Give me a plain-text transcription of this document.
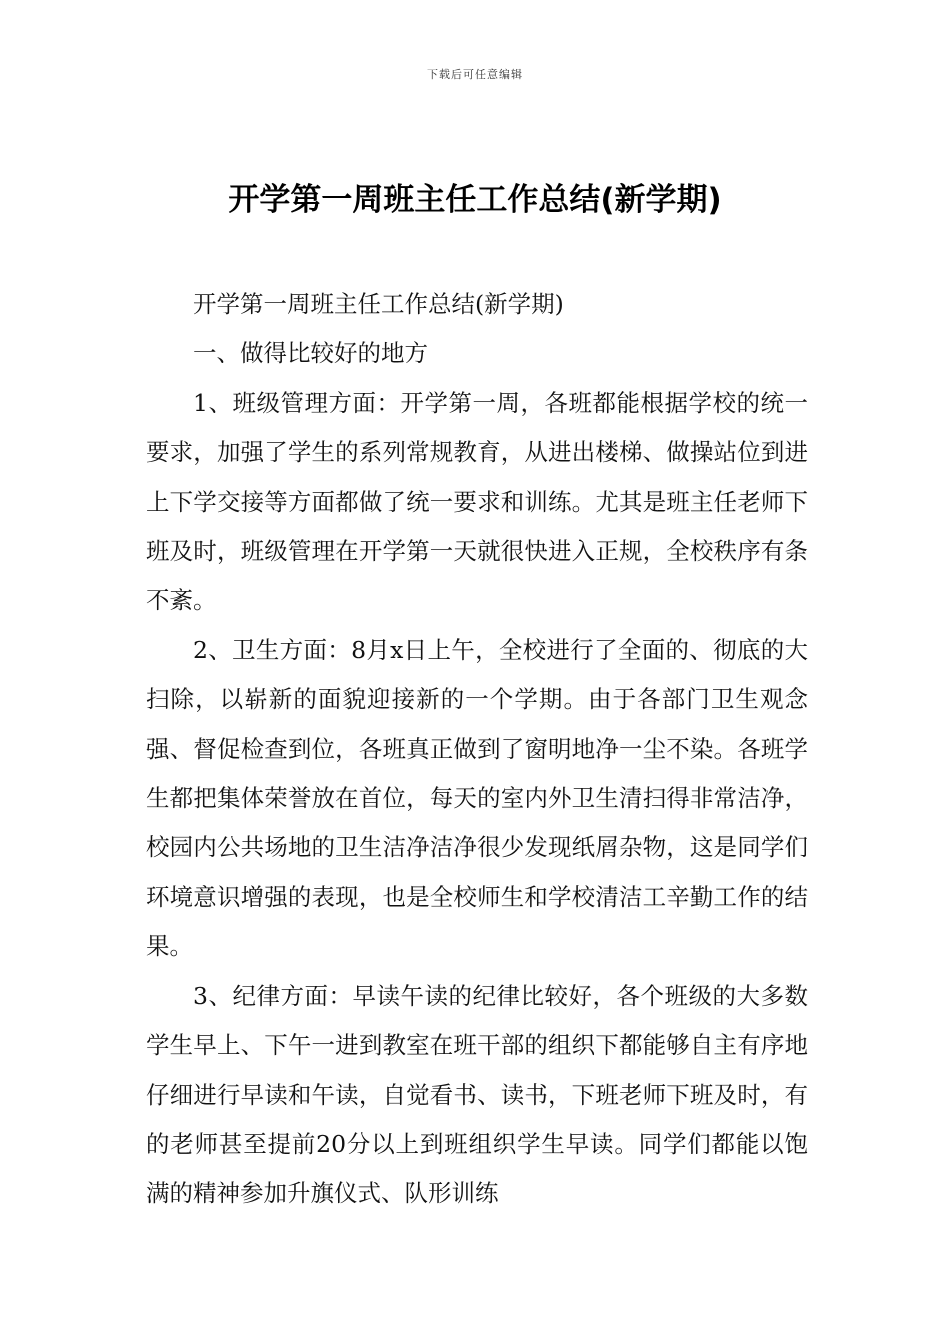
下载后可任意编辑
开学第一周班主任工作总结(新学期)

开学第一周班主任工作总结(新学期)

一、做得比较好的地方

1、班级管理方面：开学第一周，各班都能根据学校的统一要求，加强了学生的系列常规教育，从进出楼梯、做操站位到进上下学交接等方面都做了统一要求和训练。尤其是班主任老师下班及时，班级管理在开学第一天就很快进入正规，全校秩序有条不紊。

2、卫生方面：8月x日上午，全校进行了全面的、彻底的大扫除，以崭新的面貌迎接新的一个学期。由于各部门卫生观念强、督促检查到位，各班真正做到了窗明地净一尘不染。各班学生都把集体荣誉放在首位，每天的室内外卫生清扫得非常洁净，校园内公共场地的卫生洁净洁净很少发现纸屑杂物，这是同学们环境意识增强的表现，也是全校师生和学校清洁工辛勤工作的结果。

3、纪律方面：早读午读的纪律比较好，各个班级的大多数学生早上、下午一进到教室在班干部的组织下都能够自主有序地仔细进行早读和午读，自觉看书、读书，下班老师下班及时，有的老师甚至提前20分以上到班组织学生早读。同学们都能以饱满的精神参加升旗仪式、队形训练
